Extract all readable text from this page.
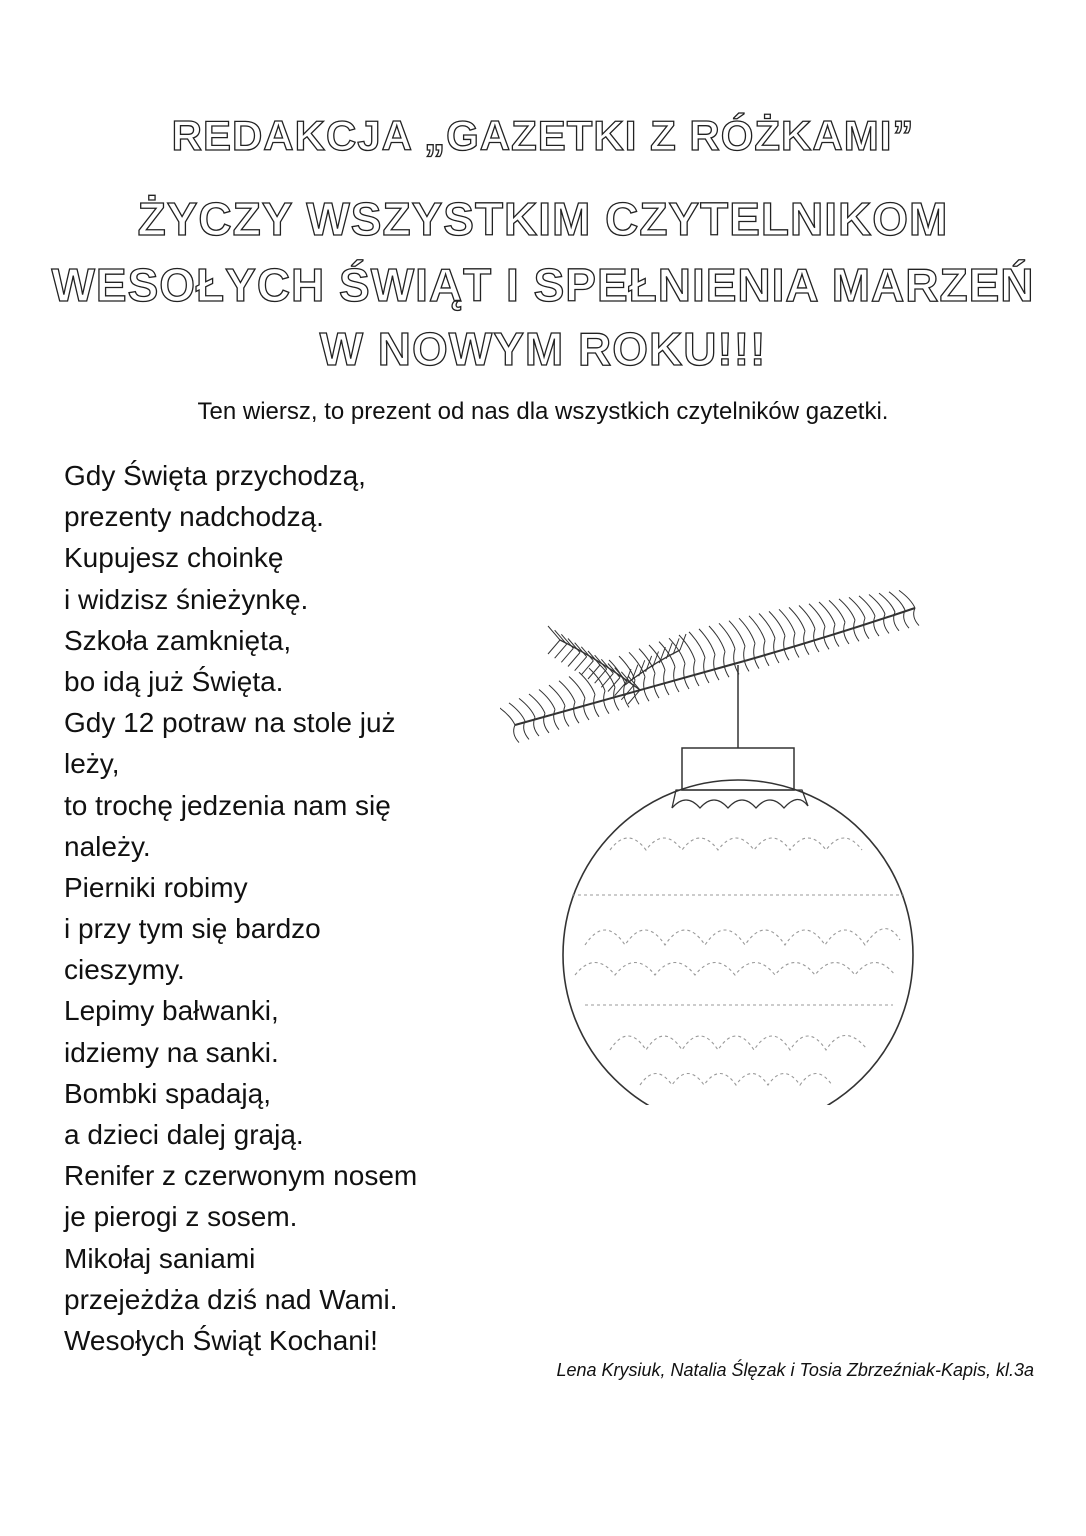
REDAKCJA „GAZETKI Z RÓŻKAMI”

ŻYCZY WSZYSTKIM CZYTELNIKOM

WESOŁYCH ŚWIĄT I SPEŁNIENIA MARZEŃ

W NOWYM ROKU!!!

Ten wiersz, to prezent od nas dla wszystkich czytelników gazetki.

Gdy Święta przychodzą,
prezenty nadchodzą.
Kupujesz choinkę
i widzisz śnieżynkę.
Szkoła zamknięta,
bo idą już Święta.
Gdy 12 potraw na stole już
leży,
to trochę jedzenia nam się
należy.
Pierniki robimy
i przy tym się bardzo
cieszymy.
Lepimy bałwanki,
idziemy na sanki.
Bombki spadają,
a dzieci dalej grają.
Renifer z czerwonym nosem
je pierogi z sosem.
Mikołaj saniami
przejeżdża dziś nad Wami.
Wesołych Świąt Kochani!

Lena Krysiuk, Natalia Ślęzak i Tosia Zbrzeźniak-Kapis, kl.3a
